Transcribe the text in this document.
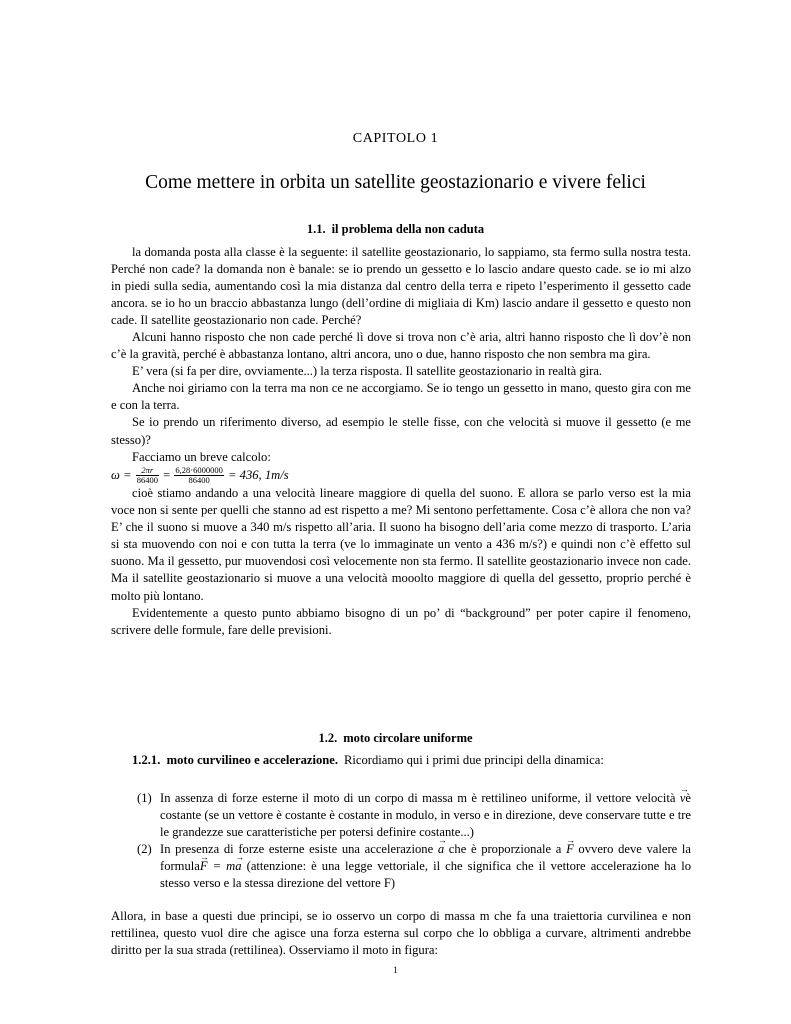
CAPITOLO 1
Come mettere in orbita un satellite geostazionario e vivere felici
1.1. il problema della non caduta

la domanda posta alla classe è la seguente: il satellite geostazionario, lo sappiamo, sta fermo sulla nostra testa. Perché non cade? la domanda non è banale: se io prendo un gessetto e lo lascio andare questo cade. se io mi alzo in piedi sulla sedia, aumentando così la mia distanza dal centro della terra e ripeto l’esperimento il gessetto cade ancora. se io ho un braccio abbastanza lungo (dell’ordine di migliaia di Km) lascio andare il gessetto e questo non cade. Il satellite geostazionario non cade. Perché?

Alcuni hanno risposto che non cade perché lì dove si trova non c’è aria, altri hanno risposto che lì dov’è non c’è la gravità, perché è abbastanza lontano, altri ancora, uno o due, hanno risposto che non sembra ma gira.

E’ vera (si fa per dire, ovviamente...) la terza risposta. Il satellite geostazionario in realtà gira.

Anche noi giriamo con la terra ma non ce ne accorgiamo. Se io tengo un gessetto in mano, questo gira con me e con la terra.

Se io prendo un riferimento diverso, ad esempio le stelle fisse, con che velocità si muove il gessetto (e me stesso)?

Facciamo un breve calcolo:

$\omega = \frac{2\pi r}{86400} = \frac{6,28\cdot 6000000}{86400} = 436$, 1m/s

cioè stiamo andando a una velocità lineare maggiore di quella del suono. E allora se parlo verso est la mia voce non si sente per quelli che stanno ad est rispetto a me? Mi sentono perfettamente. Cosa c’è allora che non va? E’ che il suono si muove a 340 m/s rispetto all’aria. Il suono ha bisogno dell’aria come mezzo di trasporto. L’aria si sta muovendo con noi e con tutta la terra (ve lo immaginate un vento a 436 m/s?) e quindi non c’è effetto sul suono. Ma il gessetto, pur muovendosi così velocemente non sta fermo. Il satellite geostazionario invece non cade. Ma il satellite geostazionario si muove a una velocità mooolto maggiore di quella del gessetto, proprio perché è molto più lontano.

Evidentemente a questo punto abbiamo bisogno di un po’ di “background” per poter capire il fenomeno, scrivere delle formule, fare delle previsioni.

1.2. moto circolare uniforme
1.2.1. moto curvilineo e accelerazione. Ricordiamo qui i primi due principi della dinamica:
(1) In assenza di forze esterne il moto di un corpo di massa m è rettilineo uniforme, il vettore velocità → vè costante (se un vettore è costante è costante in modulo, in verso e in direzione, deve conservare tutte e tre le grandezze sue caratteristiche per potersi definire costante...)
(2) In presenza di forze esterne esiste una accelerazione → a che è proporzionale a → F ovvero deve valere la formula→ F = m→ a (attenzione: è una legge vettoriale, il che significa che il vettore accelerazione ha lo stesso verso e la stessa direzione del vettore F)
Allora, in base a questi due principi, se io osservo un corpo di massa m che fa una traiettoria curvilinea e non rettilinea, questo vuol dire che agisce una forza esterna sul corpo che lo obbliga a curvare, altrimenti andrebbe diritto per la sua strada (rettilinea). Osserviamo il moto in figura:
1
